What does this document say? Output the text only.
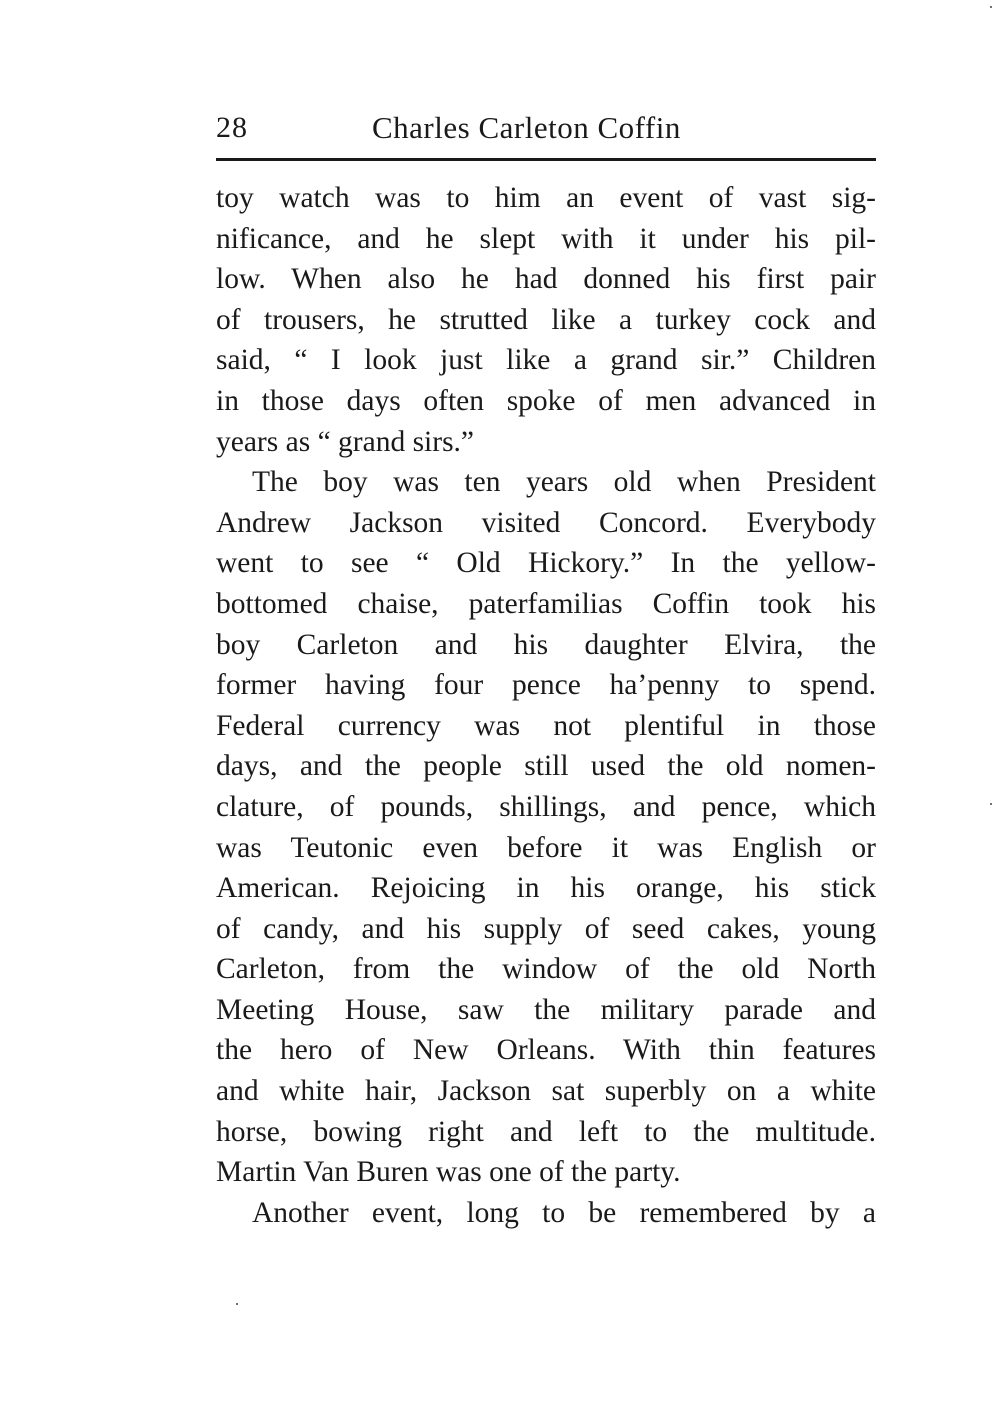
28	Charles Carleton Coffin
toy watch was to him an event of vast sig-
nificance, and he slept with it under his pil-
low. When also he had donned his first pair
of trousers, he strutted like a turkey cock and
said, “ I look just like a grand sir.” Children
in those days often spoke of men advanced in
years as “ grand sirs.”
The boy was ten years old when President
Andrew Jackson visited Concord. Everybody
went to see “ Old Hickory.” In the yellow-
bottomed chaise, paterfamilias Coffin took his
boy Carleton and his daughter Elvira, the
former having four pence ha’penny to spend.
Federal currency was not plentiful in those
days, and the people still used the old nomen-
clature, of pounds, shillings, and pence, which
was Teutonic even before it was English or
American. Rejoicing in his orange, his stick
of candy, and his supply of seed cakes, young
Carleton, from the window of the old North
Meeting House, saw the military parade and
the hero of New Orleans. With thin features
and white hair, Jackson sat superbly on a white
horse, bowing right and left to the multitude.
Martin Van Buren was one of the party.
Another event, long to be remembered by a
